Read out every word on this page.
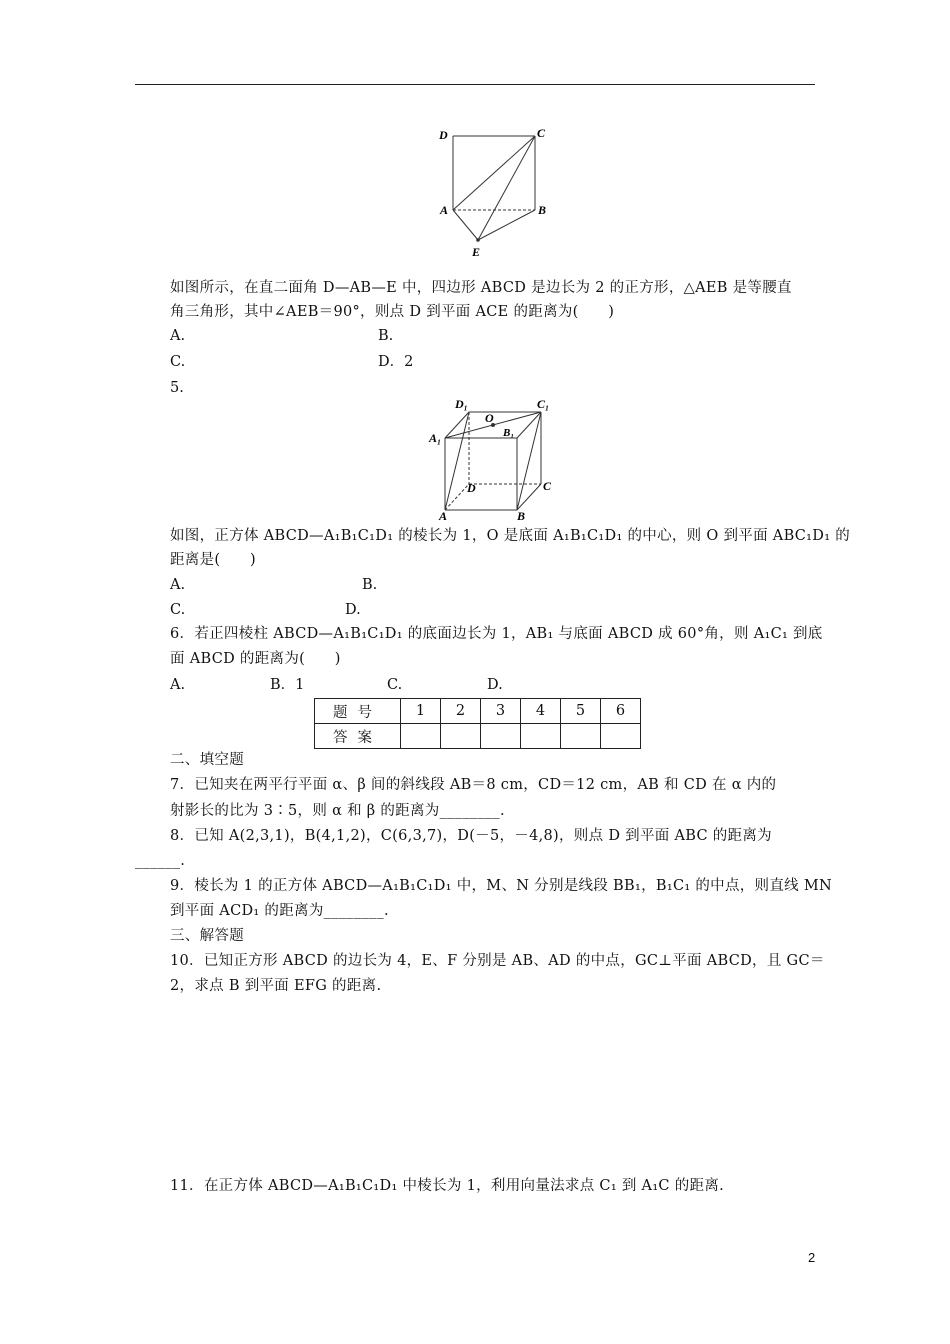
D	C
A	B
E
如图所示，在直二面角 D—AB—E 中，四边形 ABCD 是边长为 2 的正方形，△AEB 是等腰直
角三角形，其中∠AEB＝90°，则点 D 到平面 ACE 的距离为(　　)
A.	B.
C.	D．2
5.
D₁	C₁
O
B₁
A₁
D	C
A	B
如图，正方体 ABCD—A₁B₁C₁D₁ 的棱长为 1，O 是底面 A₁B₁C₁D₁ 的中心，则 O 到平面 ABC₁D₁ 的
距离是(　　)
A.	B.
C.	D.
6．若正四棱柱 ABCD—A₁B₁C₁D₁ 的底面边长为 1，AB₁ 与底面 ABCD 成 60°角，则 A₁C₁ 到底
面 ABCD 的距离为(　　)
A.	B．1	C.	D.
题号	1	2	3	4	5	6
答案						
二、填空题
7．已知夹在两平行平面 α、β 间的斜线段 AB＝8 cm，CD＝12 cm，AB 和 CD 在 α 内的
射影长的比为 3∶5，则 α 和 β 的距离为________.
8．已知 A(2,3,1)，B(4,1,2)，C(6,3,7)，D(－5，－4,8)，则点 D 到平面 ABC 的距离为
______.
9．棱长为 1 的正方体 ABCD—A₁B₁C₁D₁ 中，M、N 分别是线段 BB₁，B₁C₁ 的中点，则直线 MN
到平面 ACD₁ 的距离为________.
三、解答题
10．已知正方形 ABCD 的边长为 4，E、F 分别是 AB、AD 的中点，GC⊥平面 ABCD，且 GC＝
2，求点 B 到平面 EFG 的距离.
11．在正方体 ABCD—A₁B₁C₁D₁ 中棱长为 1，利用向量法求点 C₁ 到 A₁C 的距离.
2
